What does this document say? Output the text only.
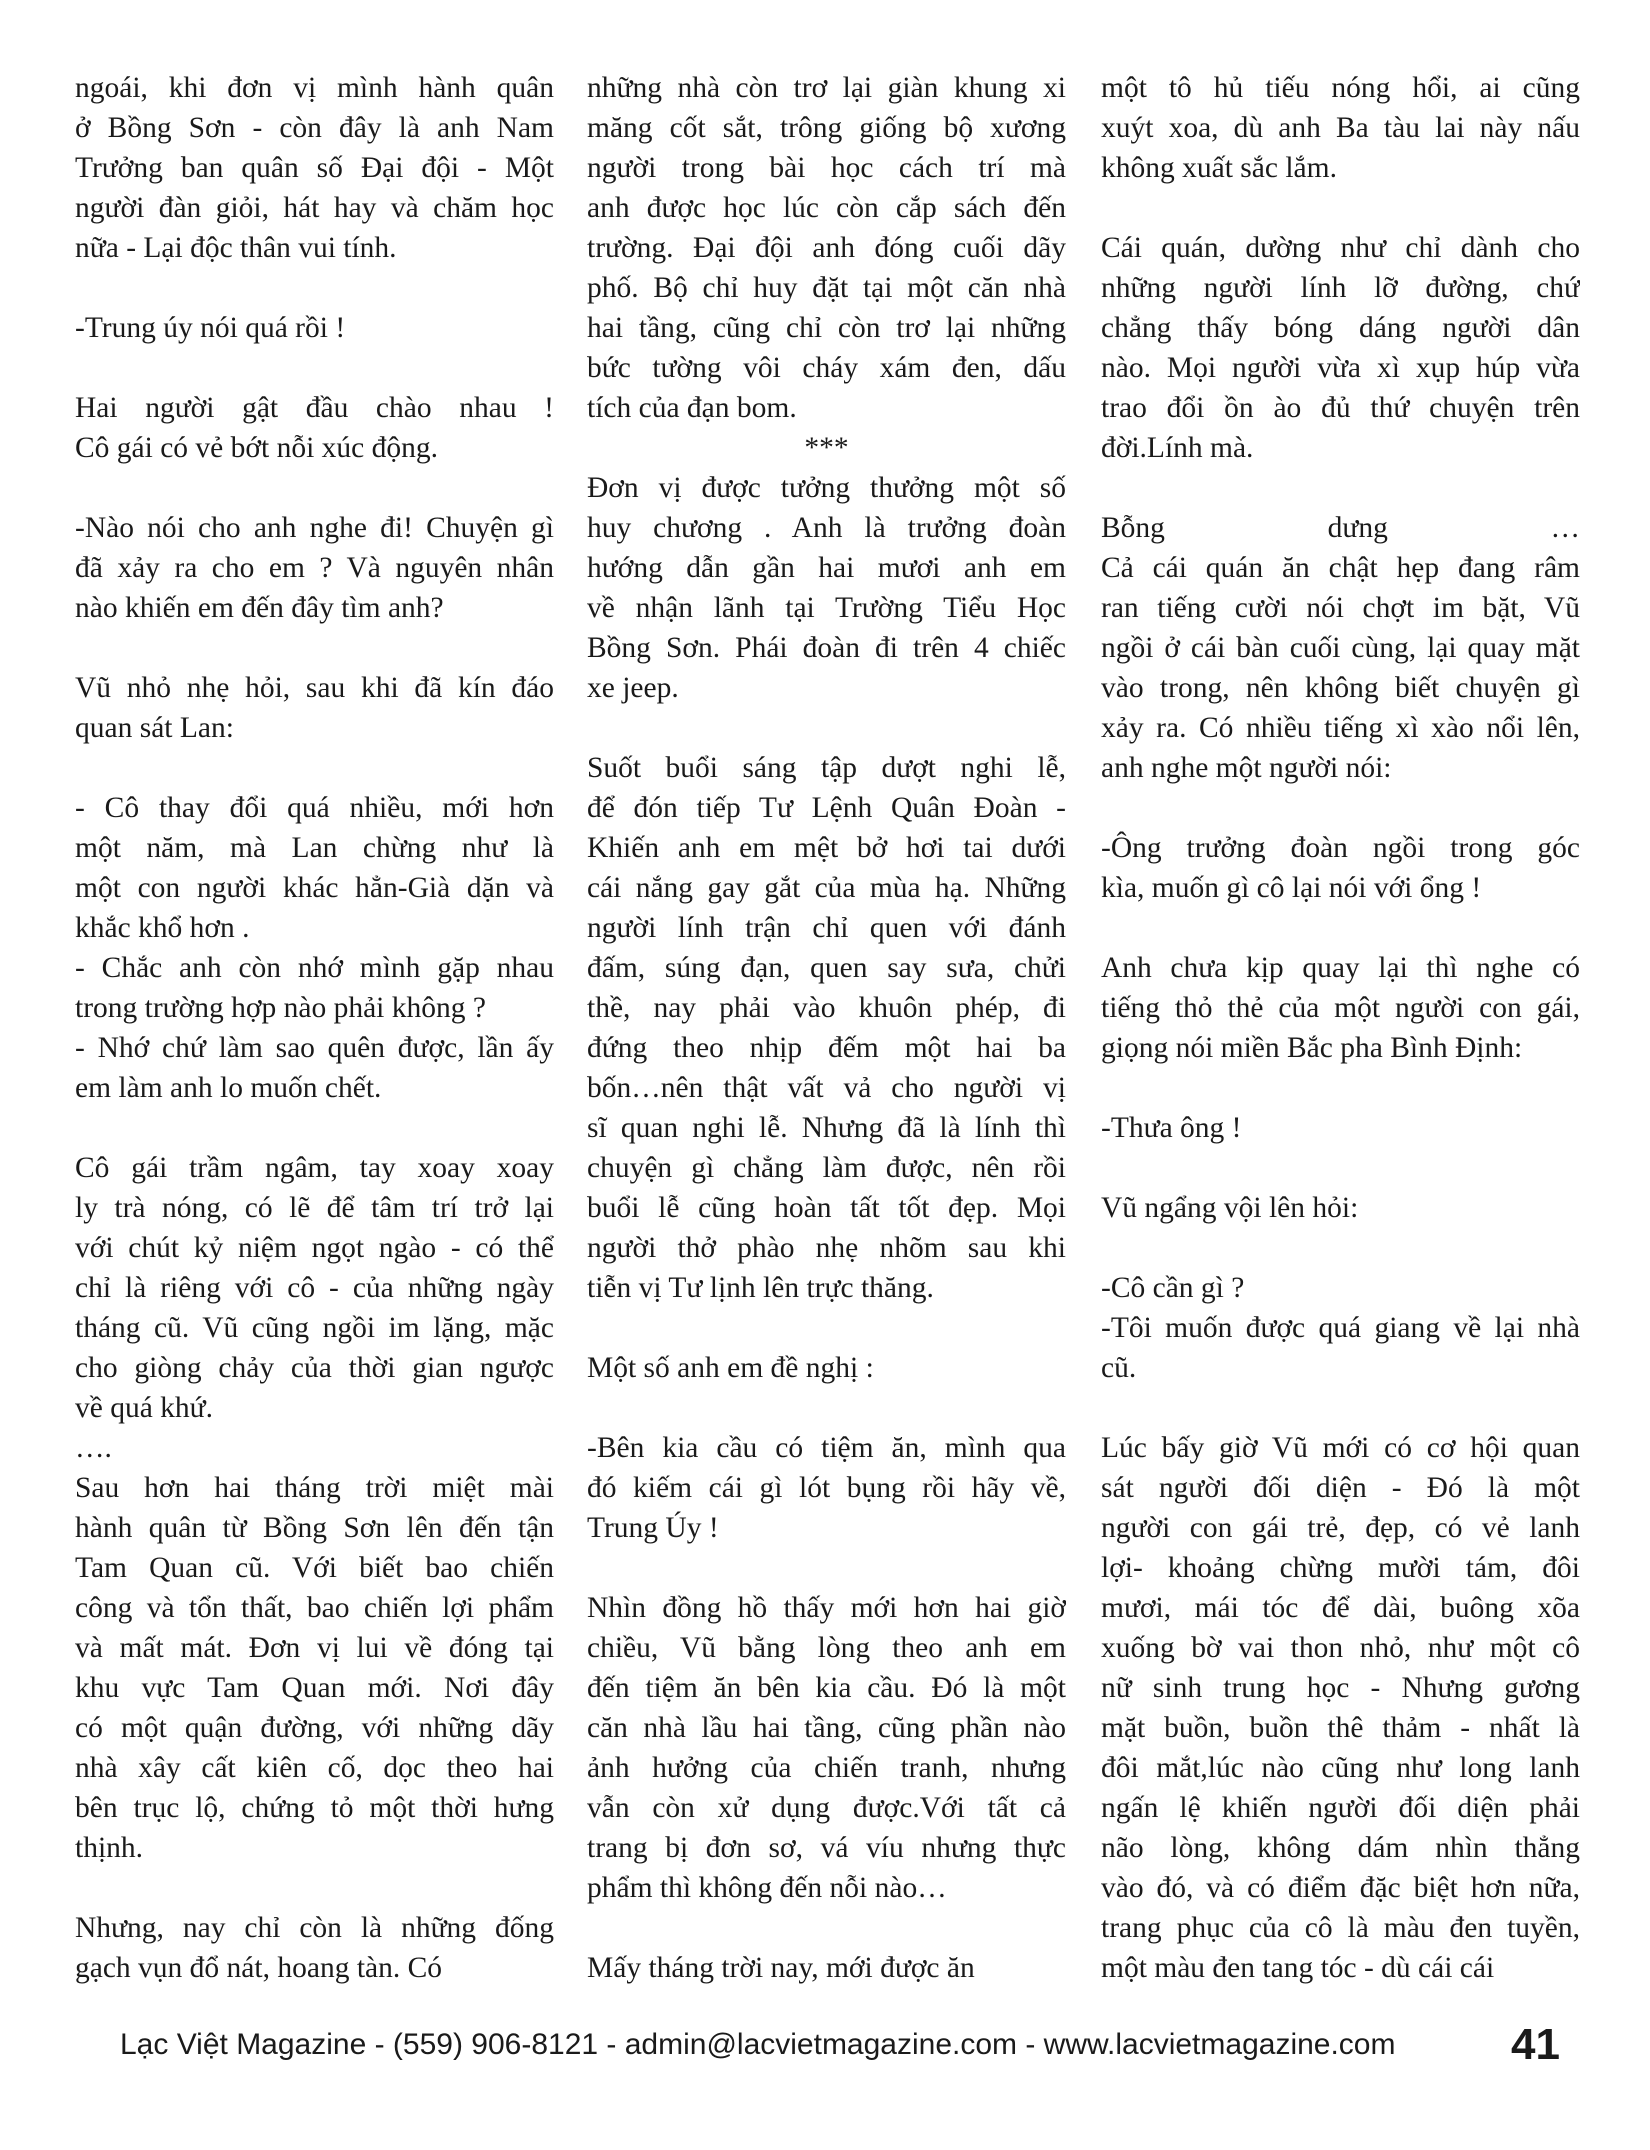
ngoái, khi đơn vị mình hành quân

ở Bồng Sơn - còn đây là anh Nam

Trưởng ban quân số Đại đội - Một

người đàn giỏi, hát hay và chăm học

nữa - Lại độc thân vui tính.

-Trung úy nói quá rồi !

Hai người gật đầu chào nhau !

Cô gái có vẻ bớt nỗi xúc động.

-Nào nói cho anh nghe đi! Chuyện gì

đã xảy ra cho em ? Và nguyên nhân

nào khiến em đến đây tìm anh?

Vũ nhỏ nhẹ hỏi, sau khi đã kín đáo

quan sát Lan:

- Cô thay đổi quá nhiều, mới hơn

một năm, mà Lan chừng như là

một con người khác hẳn-Già dặn và

khắc khổ hơn .

- Chắc anh còn nhớ mình gặp nhau

trong trường hợp nào phải không ?

- Nhớ chứ làm sao quên được, lần ấy

em làm anh lo muốn chết.

Cô gái trầm ngâm, tay xoay xoay

ly trà nóng, có lẽ để tâm trí trở lại

với chút kỷ niệm ngọt ngào - có thể

chỉ là riêng với cô - của những ngày

tháng cũ. Vũ cũng ngồi im lặng, mặc

cho giòng chảy của thời gian ngược

về quá khứ.

….

Sau hơn hai tháng trời miệt mài

hành quân từ Bồng Sơn lên đến tận

Tam Quan cũ. Với biết bao chiến

công và tổn thất, bao chiến lợi phẩm

và mất mát. Đơn vị lui về đóng tại

khu vực Tam Quan mới. Nơi đây

có một quận đường, với những dãy

nhà xây cất kiên cố, dọc theo hai

bên trục lộ, chứng tỏ một thời hưng

thịnh.

Nhưng, nay chỉ còn là những đống

gạch vụn đổ nát, hoang tàn. Có

những nhà còn trơ lại giàn khung xi

măng cốt sắt, trông giống bộ xương

người trong bài học cách trí mà

anh được học lúc còn cắp sách đến

trường. Đại đội anh đóng cuối dãy

phố. Bộ chỉ huy đặt tại một căn nhà

hai tầng, cũng chỉ còn trơ lại những

bức tường vôi cháy xám đen, dấu

tích của đạn bom.

***

Đơn vị được tưởng thưởng một số

huy chương . Anh là trưởng đoàn

hướng dẫn gần hai mươi anh em

về nhận lãnh tại Trường Tiểu Học

Bồng Sơn. Phái đoàn đi trên 4 chiếc

xe jeep.

Suốt buổi sáng tập dượt nghi lễ,

để đón tiếp Tư Lệnh Quân Đoàn -

Khiến anh em mệt bở hơi tai dưới

cái nắng gay gắt của mùa hạ. Những

người lính trận chỉ quen với đánh

đấm, súng đạn, quen say sưa, chửi

thề, nay phải vào khuôn phép, đi

đứng theo nhịp đếm một hai ba

bốn…nên thật vất vả cho người vị

sĩ quan nghi lễ. Nhưng đã là lính thì

chuyện gì chẳng làm được, nên rồi

buổi lễ cũng hoàn tất tốt đẹp. Mọi

người thở phào nhẹ nhõm sau khi

tiễn vị Tư lịnh lên trực thăng.

Một số anh em đề nghị :

-Bên kia cầu có tiệm ăn, mình qua

đó kiếm cái gì lót bụng rồi hãy về,

Trung Úy !

Nhìn đồng hồ thấy mới hơn hai giờ

chiều, Vũ bằng lòng theo anh em

đến tiệm ăn bên kia cầu. Đó là một

căn nhà lầu hai tầng, cũng phần nào

ảnh hưởng của chiến tranh, nhưng

vẫn còn xử dụng được.Với tất cả

trang bị đơn sơ, vá víu nhưng thực

phẩm thì không đến nỗi nào…

Mấy tháng trời nay, mới được ăn

một tô hủ tiếu nóng hổi, ai cũng

xuýt xoa, dù anh Ba tàu lai này nấu

không xuất sắc lắm.

Cái quán, dường như chỉ dành cho

những người lính lỡ đường, chứ

chẳng thấy bóng dáng người dân

nào. Mọi người vừa xì xụp húp vừa

trao đổi ồn ào đủ thứ chuyện trên

đời.Lính mà.

Bỗng dưng …

Cả cái quán ăn chật hẹp đang râm

ran tiếng cười nói chợt im bặt, Vũ

ngồi ở cái bàn cuối cùng, lại quay mặt

vào trong, nên không biết chuyện gì

xảy ra. Có nhiều tiếng xì xào nổi lên,

anh nghe một người nói:

-Ông trưởng đoàn ngồi trong góc

kìa, muốn gì cô lại nói với ổng !

Anh chưa kịp quay lại thì nghe có

tiếng thỏ thẻ của một người con gái,

giọng nói miền Bắc pha Bình Định:

-Thưa ông !

Vũ ngẩng vội lên hỏi:

-Cô cần gì ?

-Tôi muốn được quá giang về lại nhà

cũ.

Lúc bấy giờ Vũ mới có cơ hội quan

sát người đối diện - Đó là một

người con gái trẻ, đẹp, có vẻ lanh

lợi- khoảng chừng mười tám, đôi

mươi, mái tóc để dài, buông xõa

xuống bờ vai thon nhỏ, như một cô

nữ sinh trung học - Nhưng gương

mặt buồn, buồn thê thảm - nhất là

đôi mắt,lúc nào cũng như long lanh

ngấn lệ khiến người đối diện phải

não lòng, không dám nhìn thẳng

vào đó, và có điểm đặc biệt hơn nữa,

trang phục của cô là màu đen tuyền,

một màu đen tang tóc - dù cái cái

Lạc Việt Magazine - (559) 906-8121 - admin@lacvietmagazine.com - www.lacvietmagazine.com	41
